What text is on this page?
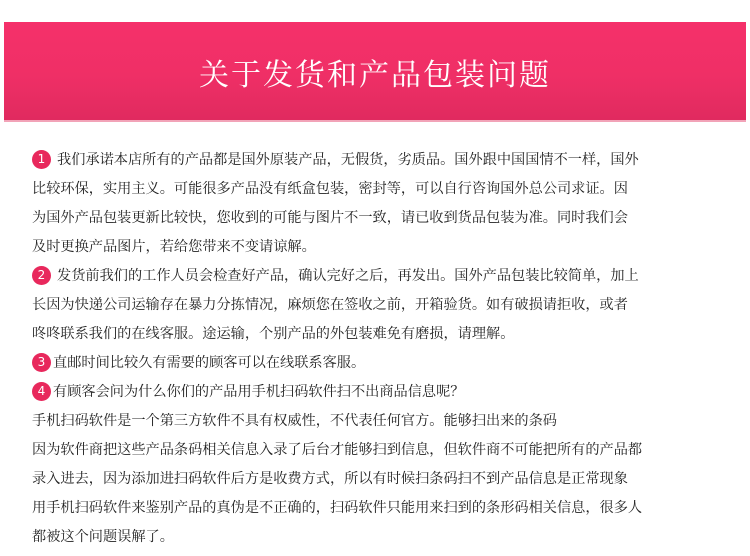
关于发货和产品包装问题
1 我们承诺本店所有的产品都是国外原装产品，无假货，劣质品。国外跟中国国情不一样，国外
比较环保，实用主义。可能很多产品没有纸盒包装，密封等，可以自行咨询国外总公司求证。因
为国外产品包装更新比较快，您收到的可能与图片不一致，请已收到货品包装为准。同时我们会
及时更换产品图片，若给您带来不变请谅解。
2 发货前我们的工作人员会检查好产品，确认完好之后，再发出。国外产品包装比较简单，加上
长因为快递公司运输存在暴力分拣情况，麻烦您在签收之前，开箱验货。如有破损请拒收，或者
咚咚联系我们的在线客服。途运输，个别产品的外包装难免有磨损，请理解。
3 直邮时间比较久有需要的顾客可以在线联系客服。
4 有顾客会问为什么你们的产品用手机扫码软件扫不出商品信息呢？
手机扫码软件是一个第三方软件不具有权威性，不代表任何官方。能够扫出来的条码
因为软件商把这些产品条码相关信息入录了后台才能够扫到信息，但软件商不可能把所有的产品都
录入进去，因为添加进扫码软件后方是收费方式，所以有时候扫条码扫不到产品信息是正常现象
用手机扫码软件来鉴别产品的真伪是不正确的，扫码软件只能用来扫到的条形码相关信息，很多人
都被这个问题误解了。
